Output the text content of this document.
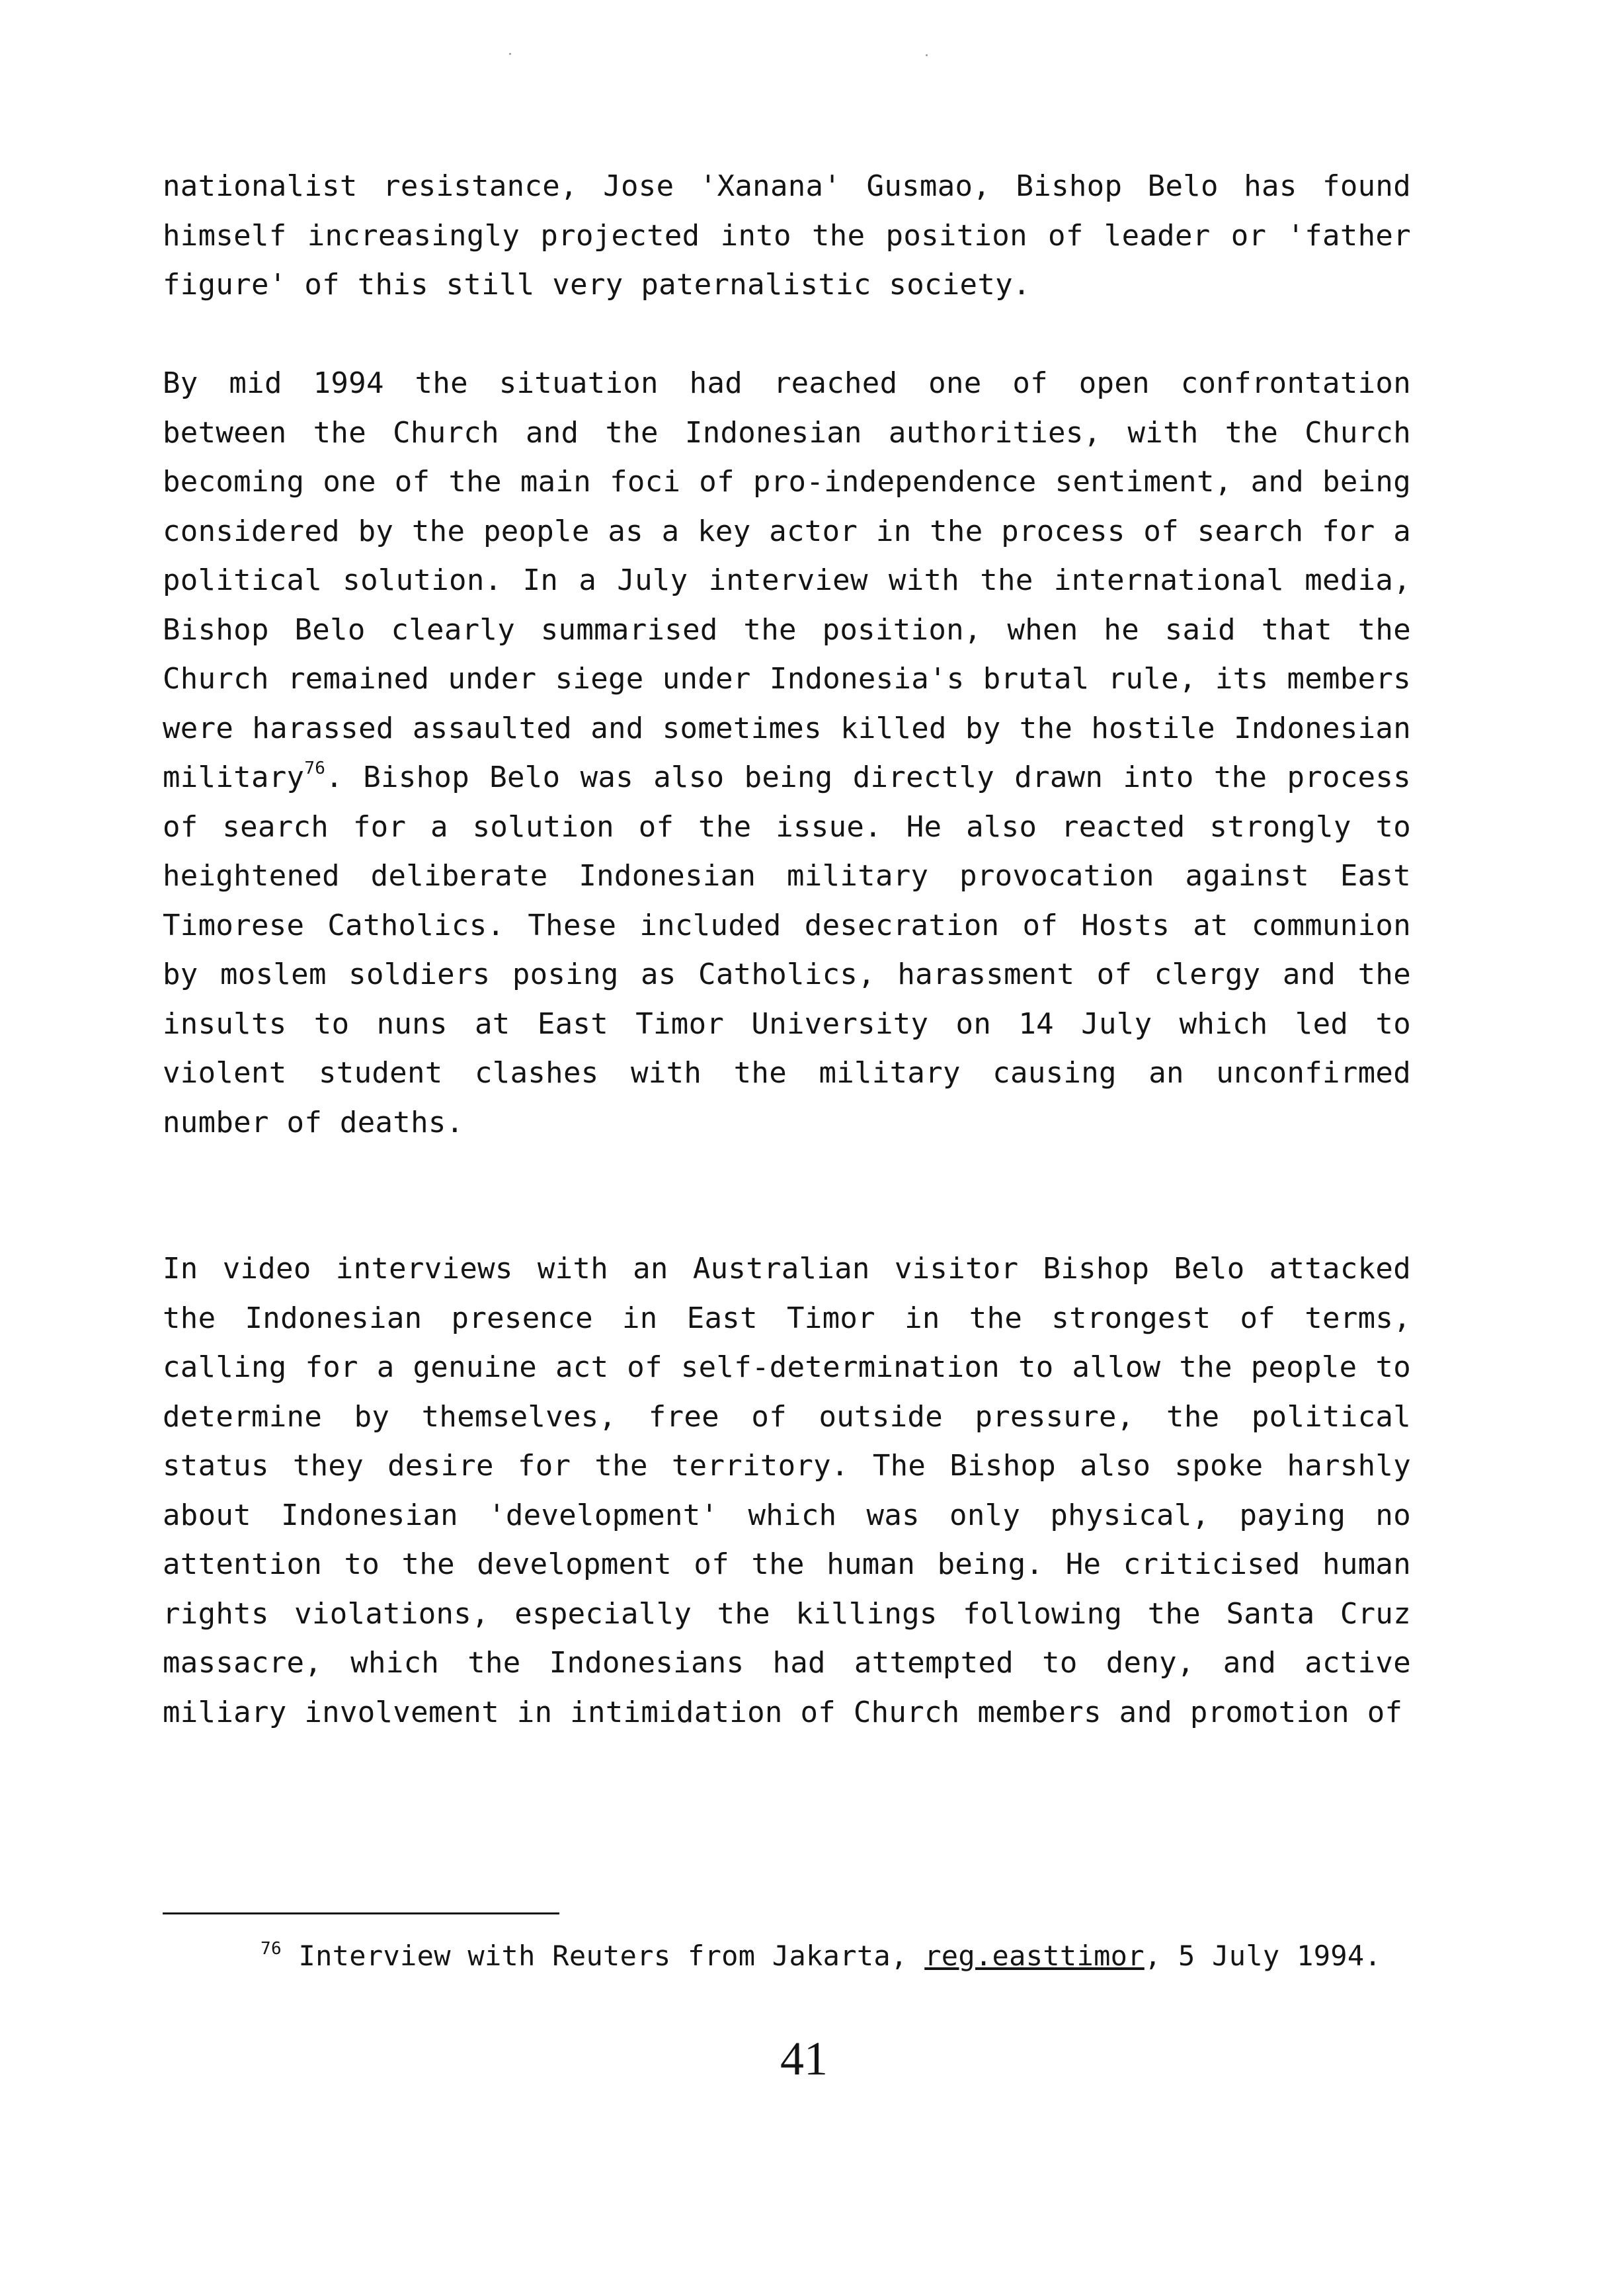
nationalist resistance, Jose 'Xanana' Gusmao, Bishop Belo has found himself increasingly projected into the position of leader or 'father figure' of this still very paternalistic society.

By mid 1994 the situation had reached one of open confrontation between the Church and the Indonesian authorities, with the Church becoming one of the main foci of pro-independence sentiment, and being considered by the people as a key actor in the process of search for a political solution. In a July interview with the international media, Bishop Belo clearly summarised the position, when he said that the Church remained under siege under Indonesia's brutal rule, its members were harassed assaulted and sometimes killed by the hostile Indonesian military$^{76}$. Bishop Belo was also being directly drawn into the process of search for a solution of the issue. He also reacted strongly to heightened deliberate Indonesian military provocation against East Timorese Catholics. These included desecration of Hosts at communion by moslem soldiers posing as Catholics, harassment of clergy and the insults to nuns at East Timor University on 14 July which led to violent student clashes with the military causing an unconfirmed number of deaths.

In video interviews with an Australian visitor Bishop Belo attacked the Indonesian presence in East Timor in the strongest of terms, calling for a genuine act of self-determination to allow the people to determine by themselves, free of outside pressure, the political status they desire for the territory. The Bishop also spoke harshly about Indonesian 'development' which was only physical, paying no attention to the development of the human being. He criticised human rights violations, especially the killings following the Santa Cruz massacre, which the Indonesians had attempted to deny, and active miliary involvement in intimidation of Church members and promotion of

$^{76}$ Interview with Reuters from Jakarta, reg.easttimor, 5 July 1994.
41
